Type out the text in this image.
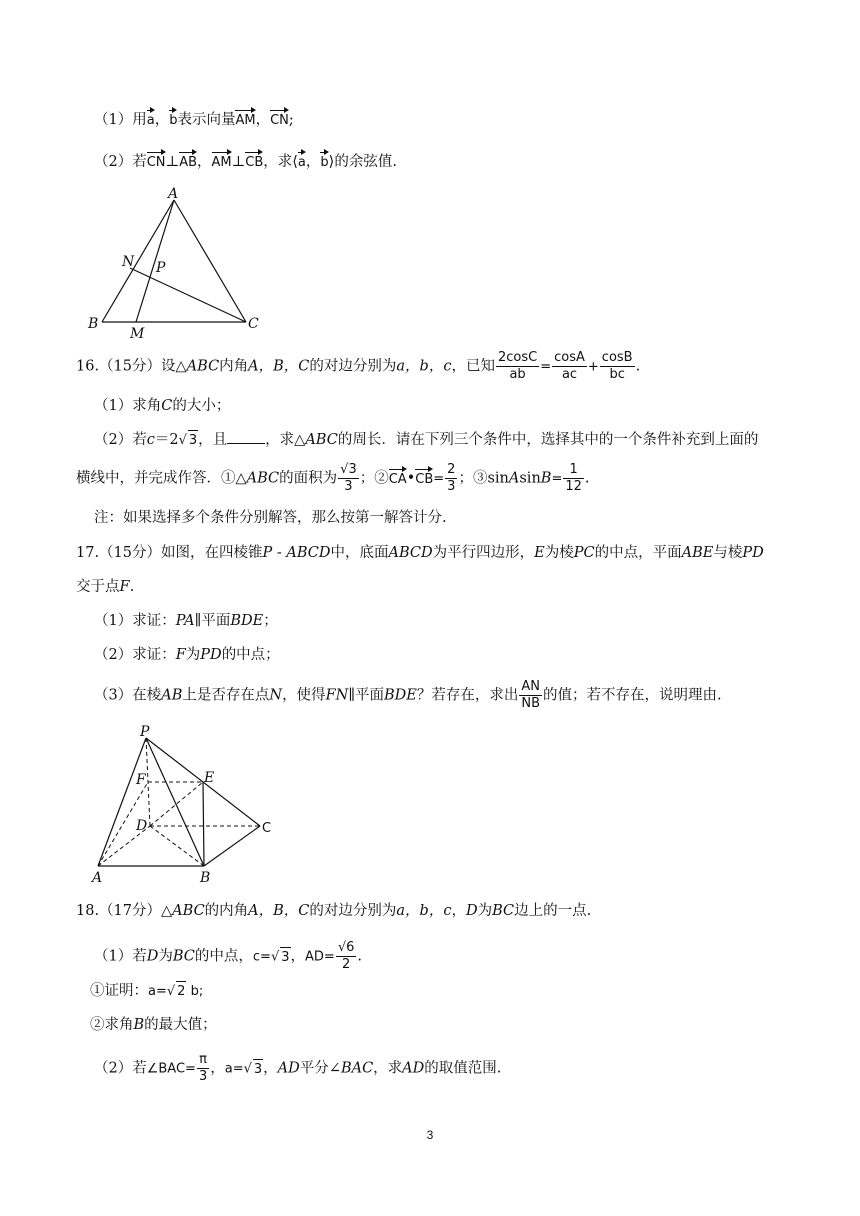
（1）用a，b表示向量AM，CN;
（2）若CN⊥AB，AM⊥CB，求⟨a，b⟩的余弦值.
A
N P
B
M
C
16.（15分）设△ABC内角A，B，C的对边分别为a，b，c，已知 $\frac{2\cos C}{ab} = \frac{\cos A}{ac} + \frac{\cos B}{bc}$ .
（1）求角C的大小；
（2）若c＝2√ 3，且	，求△ABC的周长．请在下列三个条件中，选择其中的一个条件补充到上面的
横线中，并完成作答．①△ABC的面积为 $\frac{√3}{3}$ ；②CA•CB= $\frac{2}{3}$ ；③sinAsinB= $\frac{1}{12}$ .
注：如果选择多个条件分别解答，那么按第一解答计分.
17.（15分）如图，在四棱锥P - ABCD中，底面ABCD为平行四边形，E为棱PC的中点，平面ABE与棱PD
交于点F.
（1）求证：PA∥平面BDE；
（2）求证：F为PD的中点；
（3）在棱AB上是否存在点N，使得FN∥平面BDE？若存在，求出 $\frac{AN}{NB}$ 的值；若不存在，说明理由.
P
F	E
D
A	B
C
18.（17分）△ABC的内角A，B，C的对边分别为a，b，c，D为BC边上的一点.
（1）若D为BC的中点，c=√ 3，$AD= \frac{√6}{2}$ .
①证明：a=√ 2 b;
②求角B的最大值；
（2）若∠BAC= $\frac{\pi}{3}$ ，a=√ 3，AD平分∠BAC，求AD的取值范围.
3
